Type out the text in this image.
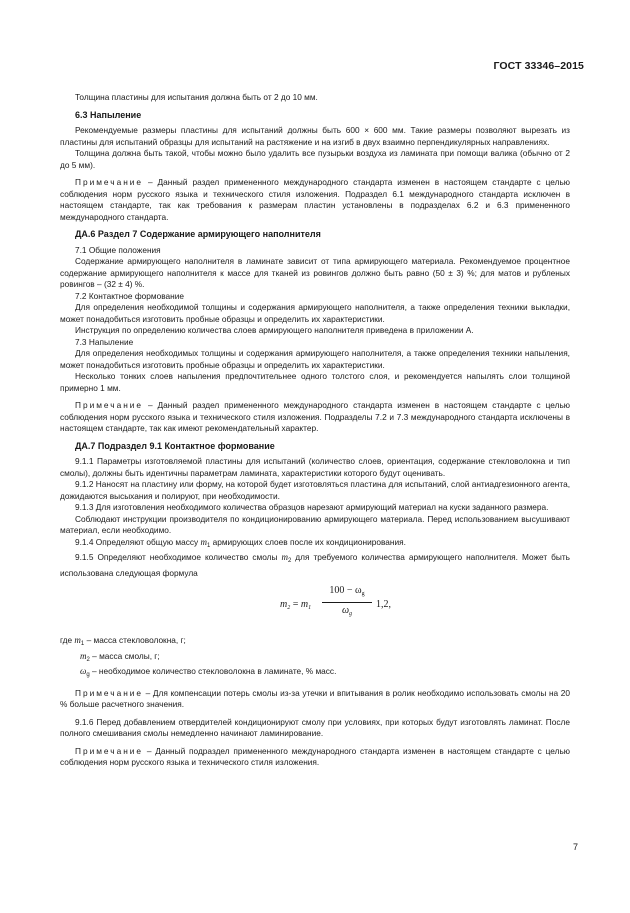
ГОСТ 33346–2015

Толщина пластины для испытания должна быть от 2 до 10 мм.

6.3 Напыление

Рекомендуемые размеры пластины для испытаний должны быть 600 × 600 мм. Такие размеры позволяют вырезать из пластины для испытаний образцы для испытаний на растяжение и на изгиб в двух взаимно перпендикулярных направлениях.

Толщина должна быть такой, чтобы можно было удалить все пузырьки воздуха из ламината при помощи валика (обычно от 2 до 5 мм).

Примечание – Данный раздел примененного международного стандарта изменен в настоящем стандарте с целью соблюдения норм русского языка и технического стиля изложения. Подраздел 6.1 международного стандарта исключен в настоящем стандарте, так как требования к размерам пластин установлены в подразделах 6.2 и 6.3 примененного международного стандарта.

ДА.6 Раздел 7 Содержание армирующего наполнителя

7.1 Общие положения

Содержание армирующего наполнителя в ламинате зависит от типа армирующего материала. Рекомендуемое процентное содержание армирующего наполнителя к массе для тканей из ровингов должно быть равно (50 ± 3) %; для матов и рубленых ровингов – (32 ± 4) %.

7.2 Контактное формование

Для определения необходимой толщины и содержания армирующего наполнителя, а также определения техники выкладки, может понадобиться изготовить пробные образцы и определить их характеристики.

Инструкция по определению количества слоев армирующего наполнителя приведена в приложении А.

7.3 Напыление

Для определения необходимых толщины и содержания армирующего наполнителя, а также определения техники напыления, может понадобиться изготовить пробные образцы и определить их характеристики.

Несколько тонких слоев напыления предпочтительнее одного толстого слоя, и рекомендуется напылять слои толщиной примерно 1 мм.

Примечание – Данный раздел примененного международного стандарта изменен в настоящем стандарте с целью соблюдения норм русского языка и технического стиля изложения. Подразделы 7.2 и 7.3 международного стандарта исключены в настоящем стандарте, так как имеют рекомендательный характер.

ДА.7 Подраздел 9.1 Контактное формование

9.1.1 Параметры изготовляемой пластины для испытаний (количество слоев, ориентация, содержание стекловолокна и тип смолы), должны быть идентичны параметрам ламината, характеристики которого будут оценивать.

9.1.2 Наносят на пластину или форму, на которой будет изготовляться пластина для испытаний, слой антиадгезионного агента, дожидаются высыхания и полируют, при необходимости.

9.1.3 Для изготовления необходимого количества образцов нарезают армирующий материал на куски заданного размера.

Соблюдают инструкции производителя по кондиционированию армирующего материала. Перед использованием высушивают материал, если необходимо.

9.1.4 Определяют общую массу $m_1$ армирующих слоев после их кондиционирования.

9.1.5 Определяют необходимое количество смолы $m_2$ для требуемого количества армирующего наполнителя. Может быть использована следующая формула

$m_2 = m_1 \frac{100 - \omega_g}{\omega_g} 1,2$,

где $m_1$ – масса стекловолокна, г;

$m_2$ – масса смолы, г;

$\omega_g$ – необходимое количество стекловолокна в ламинате, % масс.

Примечание – Для компенсации потерь смолы из-за утечки и впитывания в ролик необходимо использовать смолы на 20 % больше расчетного значения.

9.1.6 Перед добавлением отвердителей кондиционируют смолу при условиях, при которых будут изготовлять ламинат. После полного смешивания смолы немедленно начинают ламинирование.

Примечание – Данный подраздел примененного международного стандарта изменен в настоящем стандарте с целью соблюдения норм русского языка и технического стиля изложения.

7
